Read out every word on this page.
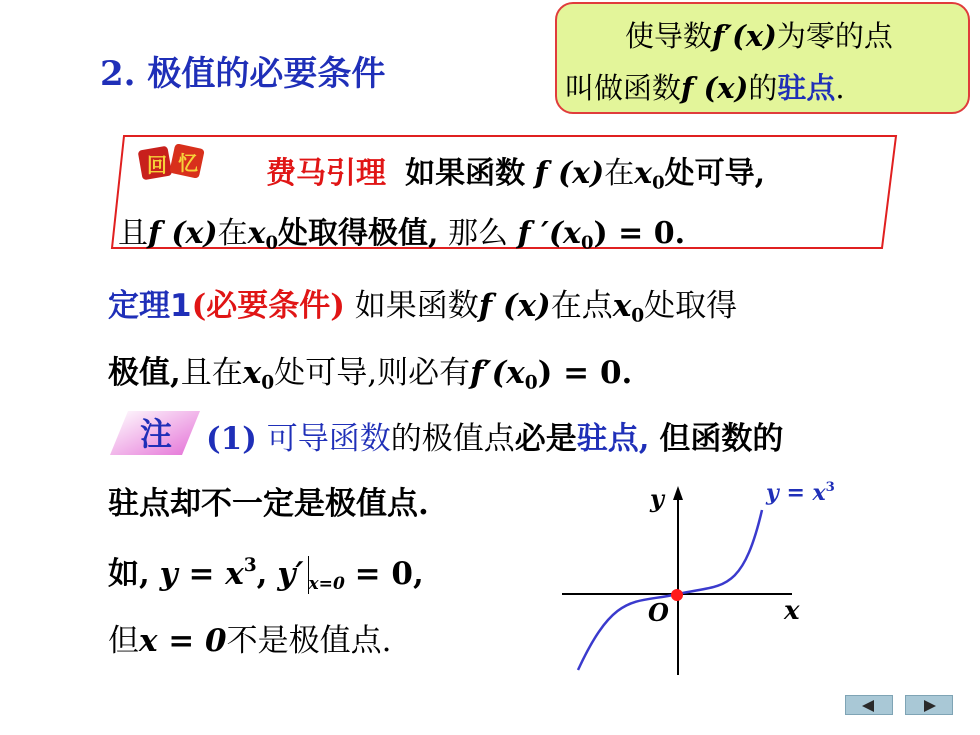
2. 极值的必要条件
使导数f′(x)为零的点
叫做函数f (x)的驻点.
回 忆 费马引理 如果函数 f (x)在$x_0$处可导,
且f (x)在$x_0$处取得极值, 那么 f $'(x_0) = 0$.
定理1(必要条件) 如果函数f (x)在点$x_0$处取得
极值,且在$x_0$处可导,则必有$f'(x_0) = 0$.
注 (1) 可导函数的极值点必是驻点, 但函数的
驻点却不一定是极值点.
如, $y = x^3$, y′ $_{x=0}$ = 0,
但x = 0不是极值点.
y
x
O
$y = x^3$
